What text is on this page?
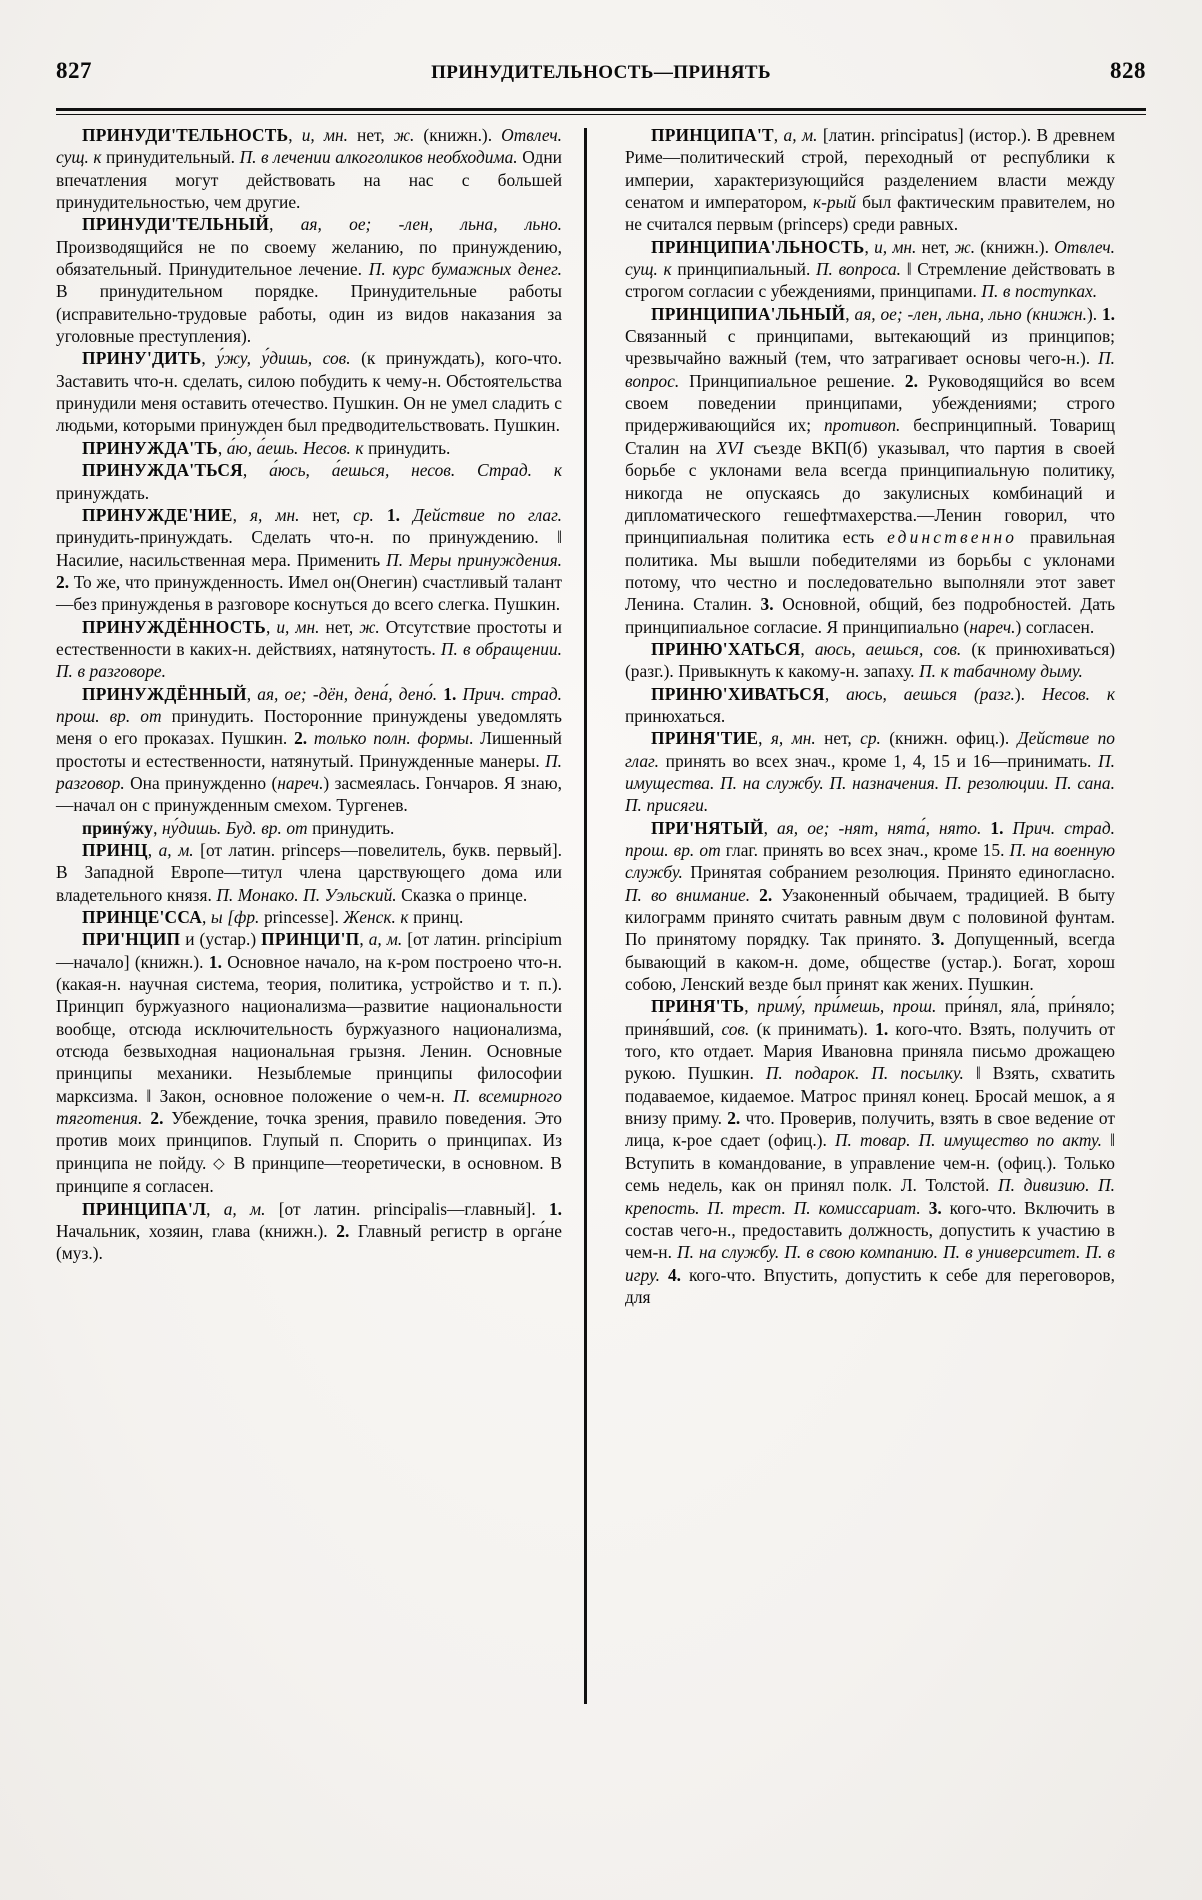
827	ПРИНУДИТЕЛЬНОСТЬ—ПРИНЯТЬ	828

ПРИНУДИ'ТЕЛЬНОСТЬ, и, мн. нет, ж. (книжн.). Отвлеч. сущ. к принудительный. П. в лечении алкоголиков необходима. Одни впечатления могут действовать на нас с большей принудительностью, чем другие.

ПРИНУДИ'ТЕЛЬНЫЙ, ая, ое; -лен, льна, льно. Производящийся не по своему желанию, по принуждению, обязательный. Принудительное лечение. П. курс бумажных денег. В принудительном порядке. Принудительные работы (исправительно-трудовые работы, один из видов наказания за уголовные преступления).

ПРИНУ'ДИТЬ, у́жу, у́дишь, сов. (к принуждать), кого-что. Заставить что-н. сделать, силою побудить к чему-н. Обстоятельства принудили меня оставить отечество. Пушкин. Он не умел сладить с людьми, которыми принужден был предводительствовать. Пушкин.

ПРИНУЖДА'ТЬ, а́ю, а́ешь. Несов. к принудить.

ПРИНУЖДА'ТЬСЯ, а́юсь, а́ешься, несов. Страд. к принуждать.

ПРИНУЖДЕ'НИЕ, я, мн. нет, ср. 1. Действие по глаг. принудить-принуждать. Сделать что-н. по принуждению. ‖ Насилие, насильственная мера. Применить П. Меры принуждения. 2. То же, что принужденность. Имел он(Онегин) счастливый талант—без принужденья в разговоре коснуться до всего слегка. Пушкин.

ПРИНУЖДЁННОСТЬ, и, мн. нет, ж. Отсутствие простоты и естественности в каких-н. действиях, натянутость. П. в обращении. П. в разговоре.

ПРИНУЖДЁННЫЙ, ая, ое; -дён, дена́, дено́. 1. Прич. страд. прош. вр. от принудить. Посторонние принуждены уведомлять меня о его проказах. Пушкин. 2. только полн. формы. Лишенный простоты и естественности, натянутый. Принужденные манеры. П. разговор. Она принужденно (нареч.) засмеялась. Гончаров. Я знаю,—начал он с принужденным смехом. Тургенев.

принýжу, ну́дишь. Буд. вр. от принудить.

ПРИНЦ, а, м. [от латин. princeps—повелитель, букв. первый]. В Западной Европе—титул члена царствующего дома или владетельного князя. П. Монако. П. Уэльский. Сказка о принце.

ПРИНЦЕ'ССА, ы [фр. princesse]. Женск. к принц.

ПРИ'НЦИП и (устар.) ПРИНЦИ'П, а, м. [от латин. principium—начало] (книжн.). 1. Основное начало, на к-ром построено что-н. (какая-н. научная система, теория, политика, устройство и т. п.). Принцип буржуазного национализма—развитие национальности вообще, отсюда исключительность буржуазного национализма, отсюда безвыходная национальная грызня. Ленин. Основные принципы механики. Незыблемые принципы философии марксизма. ‖ Закон, основное положение о чем-н. П. всемирного тяготения. 2. Убеждение, точка зрения, правило поведения. Это против моих принципов. Глупый п. Спорить о принципах. Из принципа не пойду. ◇ В принципе—теоретически, в основном. В принципе я согласен.

ПРИНЦИПА'Л, а, м. [от латин. principalis—главный]. 1. Начальник, хозяин, глава (книжн.). 2. Главный регистр в орга́не (муз.).

ПРИНЦИПА'Т, а, м. [латин. principatus] (истор.). В древнем Риме—политический строй, переходный от республики к империи, характеризующийся разделением власти между сенатом и императором, к-рый был фактическим правителем, но не считался первым (princeps) среди равных.

ПРИНЦИПИА'ЛЬНОСТЬ, и, мн. нет, ж. (книжн.). Отвлеч. сущ. к принципиальный. П. вопроса. ‖ Стремление действовать в строгом согласии с убеждениями, принципами. П. в поступках.

ПРИНЦИПИА'ЛЬНЫЙ, ая, ое; -лен, льна, льно (книжн.). 1. Связанный с принципами, вытекающий из принципов; чрезвычайно важный (тем, что затрагивает основы чего-н.). П. вопрос. Принципиальное решение. 2. Руководящийся во всем своем поведении принципами, убеждениями; строго придерживающийся их; противоп. беспринципный. Товарищ Сталин на XVI съезде ВКП(б) указывал, что партия в своей борьбе с уклонами вела всегда принципиальную политику, никогда не опускаясь до закулисных комбинаций и дипломатического гешефтмахерства.—Ленин говорил, что принципиальная политика есть единственно правильная политика. Мы вышли победителями из борьбы с уклонами потому, что честно и последовательно выполняли этот завет Ленина. Сталин. 3. Основной, общий, без подробностей. Дать принципиальное согласие. Я принципиально (нареч.) согласен.

ПРИНЮ'ХАТЬСЯ, аюсь, аешься, сов. (к принюхиваться) (разг.). Привыкнуть к какому-н. запаху. П. к табачному дыму.

ПРИНЮ'ХИВАТЬСЯ, аюсь, аешься (разг.). Несов. к принюхаться.

ПРИНЯ'ТИЕ, я, мн. нет, ср. (книжн. офиц.). Действие по глаг. принять во всех знач., кроме 1, 4, 15 и 16—принимать. П. имущества. П. на службу. П. назначения. П. резолюции. П. сана. П. присяги.

ПРИ'НЯТЫЙ, ая, ое; -нят, нята́, нято. 1. Прич. страд. прош. вр. от глаг. принять во всех знач., кроме 15. П. на военную службу. Принятая собранием резолюция. Принято единогласно. П. во внимание. 2. Узаконенный обычаем, традицией. В быту килограмм принято считать равным двум с половиной фунтам. По принятому порядку. Так принято. 3. Допущенный, всегда бывающий в каком-н. доме, обществе (устар.). Богат, хорош собою, Ленский везде был принят как жених. Пушкин.

ПРИНЯ'ТЬ, приму́, при́мешь, прош. при́нял, яла́, при́няло; приня́вший, сов. (к принимать). 1. кого-что. Взять, получить от того, кто отдает. Мария Ивановна приняла письмо дрожащею рукою. Пушкин. П. подарок. П. посылку. ‖ Взять, схватить подаваемое, кидаемое. Матрос принял конец. Бросай мешок, а я внизу приму. 2. что. Проверив, получить, взять в свое ведение от лица, к-рое сдает (офиц.). П. товар. П. имущество по акту. ‖ Вступить в командование, в управление чем-н. (офиц.). Только семь недель, как он принял полк. Л. Толстой. П. дивизию. П. крепость. П. трест. П. комиссариат. 3. кого-что. Включить в состав чего-н., предоставить должность, допустить к участию в чем-н. П. на службу. П. в свою компанию. П. в университет. П. в игру. 4. кого-что. Впустить, допустить к себе для переговоров, для
